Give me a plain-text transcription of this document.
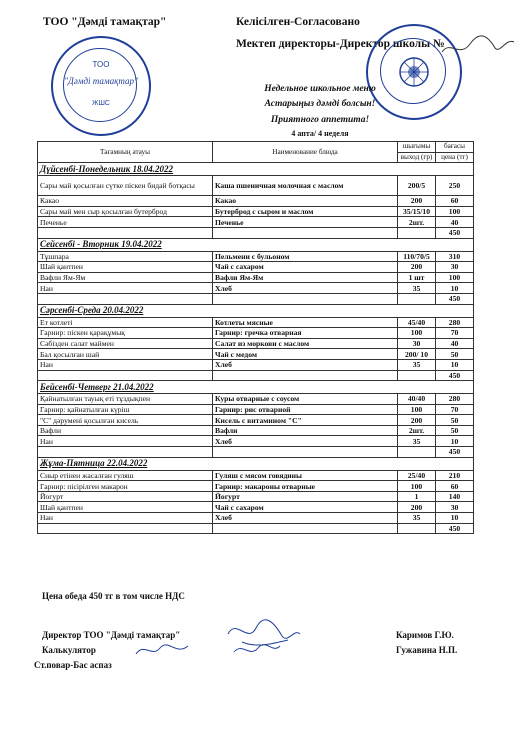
ТОО "Дәмді тамақтар"	Келісілген-Согласовано
Мектеп директоры-Директор школы №
ТОО
"Дәмді тамақтар"
ЖШС
Недельное школьное меню
Астарыңыз дәмді болсын!
Приятного аппетита!
4 апта/ 4 неделя
Тағамның атауы	Наименование блюда	шығымы	бағасы
		выход (гр)	цена (тг)
Дүйсенбі-Понедельник 18.04.2022			
Сары май қосылған сүтке піскен бидай ботқасы	Каша пшеничная молочная с маслом	200/5	250
Какао	Какао	200	60
Сары май мен сыр қосылған бутерброд	Бутерброд с сыром и маслом	35/15/10	100
Печенье	Печенье	2шт.	40
			450
Сейсенбі - Вторник 19.04.2022			
Тұшпара	Пельмени с бульоном	110/70/5	310
Шай қантпен	Чай с сахаром	200	30
Вафли Ям-Ям	Вафли Ям-Ям	1 шт	100
Нан	Хлеб	35	10
			450
Сәрсенбі-Среда 20.04.2022			
Ет котлеті	Котлеты мясные	45/40	280
Гарнир: піскен қарақұмық	Гарнир: гречка отварная	100	70
Сәбізден салат маймен	Салат из моркови с маслом	30	40
Бал қосылған шай	Чай с медом	200/ 10	50
Нан	Хлеб	35	10
			450
Бейсенбі-Четверг 21.04.2022			
Қайнатылған тауық еті тұздықпен	Куры отварные с соусом	40/40	280
Гарнир: қайнатылған күріш	Гарнир: рис отварной	100	70
"С" дәрумені қосылған кисель	Кисель с витамином "С"	200	50
Вафли	Вафли	2шт.	50
Нан	Хлеб	35	10
			450
Жұма-Пятница 22.04.2022			
Сиыр етінен жасалған гуляш	Гуляш с мясом говядины	25/40	210
Гарнир: пісірілген макарон	Гарнир: макароны отварные	100	60
Йогурт	Йогурт	1	140
Шай қантпен	Чай с сахаром	200	30
Нан	Хлеб	35	10
			450
Цена обеда 450 тг в том числе НДС
Директор ТОО "Дәмді тамақтар"	Каримов Г.Ю.
Калькулятор	Гужавина Н.П.
Ст.повар-Бас аспаз
